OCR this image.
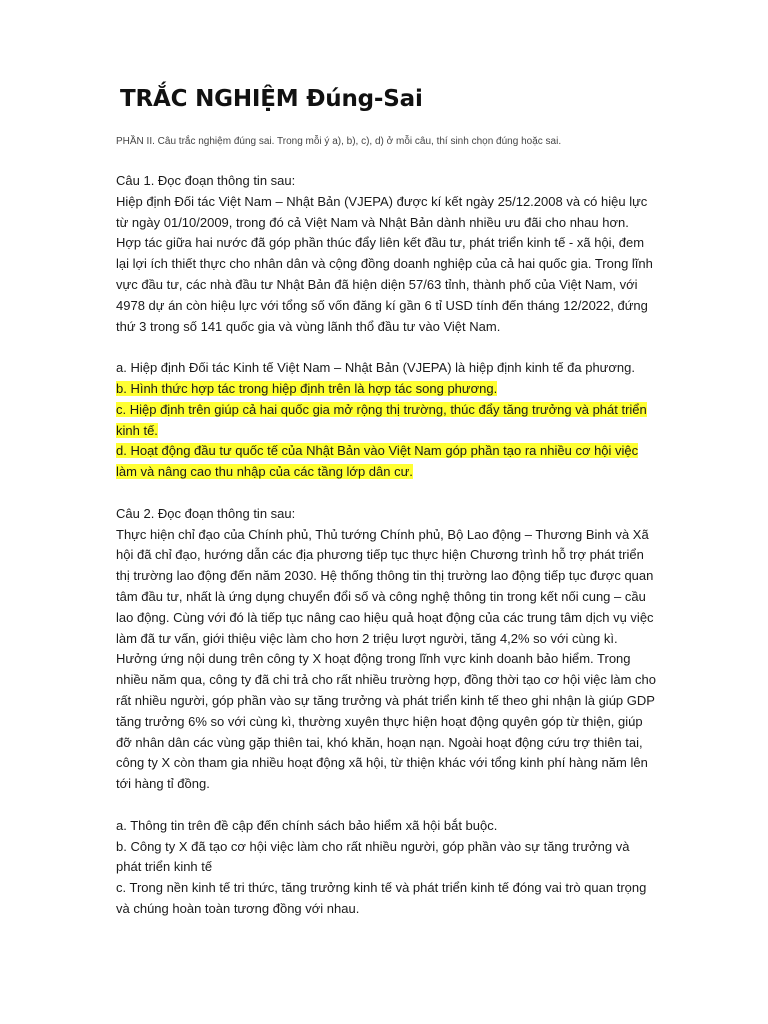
TRẮC NGHIỆM Đúng-Sai
PHẦN II. Câu trắc nghiệm đúng sai. Trong mỗi ý a), b), c), d) ở mỗi câu, thí sinh chọn đúng hoặc sai.

Câu 1. Đọc đoạn thông tin sau:

Hiệp định Đối tác Việt Nam – Nhật Bản (VJEPA) được kí kết ngày 25/12.2008 và có hiệu lực

từ ngày 01/10/2009, trong đó cả Việt Nam và Nhật Bản dành nhiều ưu đãi cho nhau hơn.

Hợp tác giữa hai nước đã góp phần thúc đẩy liên kết đầu tư, phát triển kinh tế - xã hội, đem

lại lợi ích thiết thực cho nhân dân và cộng đồng doanh nghiệp của cả hai quốc gia. Trong lĩnh

vực đầu tư, các nhà đầu tư Nhật Bản đã hiện diện 57/63 tỉnh, thành phố của Việt Nam, với

4978 dự án còn hiệu lực với tổng số vốn đăng kí gần 6 tỉ USD tính đến tháng 12/2022, đứng

thứ 3 trong số 141 quốc gia và vùng lãnh thổ đầu tư vào Việt Nam.

a. Hiệp định Đối tác Kinh tế Việt Nam – Nhật Bản (VJEPA) là hiệp định kinh tế đa phương.

b. Hình thức hợp tác trong hiệp định trên là hợp tác song phương.

c. Hiệp định trên giúp cả hai quốc gia mở rộng thị trường, thúc đẩy tăng trưởng và phát triển

kinh tế.

d. Hoạt động đầu tư quốc tế của Nhật Bản vào Việt Nam góp phần tạo ra nhiều cơ hội việc

làm và nâng cao thu nhập của các tầng lớp dân cư.

Câu 2. Đọc đoạn thông tin sau:

Thực hiện chỉ đạo của Chính phủ, Thủ tướng Chính phủ, Bộ Lao động – Thương Binh và Xã

hội đã chỉ đạo, hướng dẫn các địa phương tiếp tục thực hiện Chương trình hỗ trợ phát triển

thị trường lao động đến năm 2030. Hệ thống thông tin thị trường lao động tiếp tục được quan

tâm đầu tư, nhất là ứng dụng chuyển đổi số và công nghệ thông tin trong kết nối cung – cầu

lao động. Cùng với đó là tiếp tục nâng cao hiệu quả hoạt động của các trung tâm dịch vụ việc

làm đã tư vấn, giới thiệu việc làm cho hơn 2 triệu lượt người, tăng 4,2% so với cùng kì.

Hưởng ứng nội dung trên công ty X hoạt động trong lĩnh vực kinh doanh bảo hiểm. Trong

nhiều năm qua, công ty đã chi trả cho rất nhiều trường hợp, đồng thời tạo cơ hội việc làm cho

rất nhiều người, góp phần vào sự tăng trưởng và phát triển kinh tế theo ghi nhận là giúp GDP

tăng trưởng 6% so với cùng kì, thường xuyên thực hiện hoạt động quyên góp từ thiện, giúp

đỡ nhân dân các vùng gặp thiên tai, khó khăn, hoạn nạn. Ngoài hoạt động cứu trợ thiên tai,

công ty X còn tham gia nhiều hoạt động xã hội, từ thiện khác với tổng kinh phí hàng năm lên

tới hàng tỉ đồng.

a. Thông tin trên đề cập đến chính sách bảo hiểm xã hội bắt buộc.

b. Công ty X đã tạo cơ hội việc làm cho rất nhiều người, góp phần vào sự tăng trưởng và

phát triển kinh tế

c. Trong nền kinh tế tri thức, tăng trưởng kinh tế và phát triển kinh tế đóng vai trò quan trọng

và chúng hoàn toàn tương đồng với nhau.
